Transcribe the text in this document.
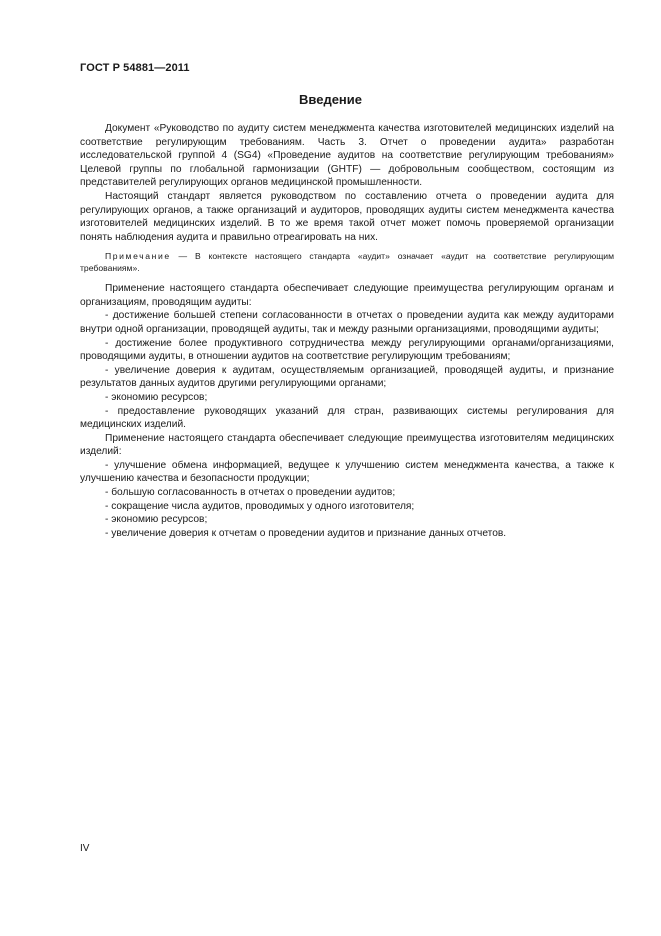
ГОСТ Р 54881—2011
Введение

Документ «Руководство по аудиту систем менеджмента качества изготовителей медицинских изделий на соответствие регулирующим требованиям. Часть 3. Отчет о проведении аудита» разработан исследовательской группой 4 (SG4) «Проведение аудитов на соответствие регулирующим требованиям» Целевой группы по глобальной гармонизации (GHTF) — добровольным сообществом, состоящим из представителей регулирующих органов медицинской промышленности.

Настоящий стандарт является руководством по составлению отчета о проведении аудита для регулирующих органов, а также организаций и аудиторов, проводящих аудиты систем менеджмента качества изготовителей медицинских изделий. В то же время такой отчет может помочь проверяемой организации понять наблюдения аудита и правильно отреагировать на них.

Примечание — В контексте настоящего стандарта «аудит» означает «аудит на соответствие регулирующим требованиям».

Применение настоящего стандарта обеспечивает следующие преимущества регулирующим органам и организациям, проводящим аудиты:

- достижение большей степени согласованности в отчетах о проведении аудита как между аудиторами внутри одной организации, проводящей аудиты, так и между разными организациями, проводящими аудиты;

- достижение более продуктивного сотрудничества между регулирующими органами/организациями, проводящими аудиты, в отношении аудитов на соответствие регулирующим требованиям;

- увеличение доверия к аудитам, осуществляемым организацией, проводящей аудиты, и признание результатов данных аудитов другими регулирующими органами;

- экономию ресурсов;

- предоставление руководящих указаний для стран, развивающих системы регулирования для медицинских изделий.

Применение настоящего стандарта обеспечивает следующие преимущества изготовителям медицинских изделий:

- улучшение обмена информацией, ведущее к улучшению систем менеджмента качества, а также к улучшению качества и безопасности продукции;

- большую согласованность в отчетах о проведении аудитов;

- сокращение числа аудитов, проводимых у одного изготовителя;

- экономию ресурсов;

- увеличение доверия к отчетам о проведении аудитов и признание данных отчетов.

IV
